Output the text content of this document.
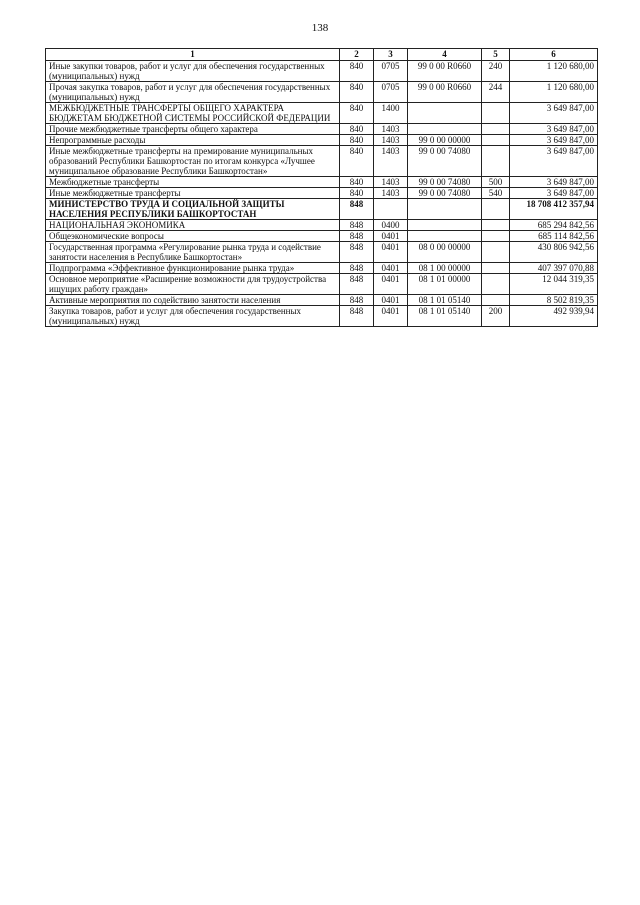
138
1	2	3	4	5	6
Иные закупки товаров, работ и услуг для обеспечения государственных (муниципальных) нужд	840	0705	99 0 00 R0660	240	1 120 680,00
Прочая закупка товаров, работ и услуг для обеспечения государственных (муниципальных) нужд	840	0705	99 0 00 R0660	244	1 120 680,00
МЕЖБЮДЖЕТНЫЕ ТРАНСФЕРТЫ ОБЩЕГО ХАРАКТЕРА БЮДЖЕТАМ БЮДЖЕТНОЙ СИСТЕМЫ РОССИЙСКОЙ ФЕДЕРАЦИИ	840	1400			3 649 847,00
Прочие межбюджетные трансферты общего характера	840	1403			3 649 847,00
Непрограммные расходы	840	1403	99 0 00 00000		3 649 847,00
Иные межбюджетные трансферты на премирование муниципальных образований Республики Башкортостан по итогам конкурса «Лучшее муниципальное образование Республики Башкортостан»	840	1403	99 0 00 74080		3 649 847,00
Межбюджетные трансферты	840	1403	99 0 00 74080	500	3 649 847,00
Иные межбюджетные трансферты	840	1403	99 0 00 74080	540	3 649 847,00
МИНИСТЕРСТВО ТРУДА И СОЦИАЛЬНОЙ ЗАЩИТЫ НАСЕЛЕНИЯ РЕСПУБЛИКИ БАШКОРТОСТАН	848				18 708 412 357,94
НАЦИОНАЛЬНАЯ ЭКОНОМИКА	848	0400			685 294 842,56
Общеэкономические вопросы	848	0401			685 114 842,56
Государственная программа «Регулирование рынка труда и содействие занятости населения в Республике Башкортостан»	848	0401	08 0 00 00000		430 806 942,56
Подпрограмма «Эффективное функционирование рынка труда»	848	0401	08 1 00 00000		407 397 070,88
Основное мероприятие «Расширение возможности для трудоустройства ищущих работу граждан»	848	0401	08 1 01 00000		12 044 319,35
Активные мероприятия по содействию занятости населения	848	0401	08 1 01 05140		8 502 819,35
Закупка товаров, работ и услуг для обеспечения государственных (муниципальных) нужд	848	0401	08 1 01 05140	200	492 939,94
